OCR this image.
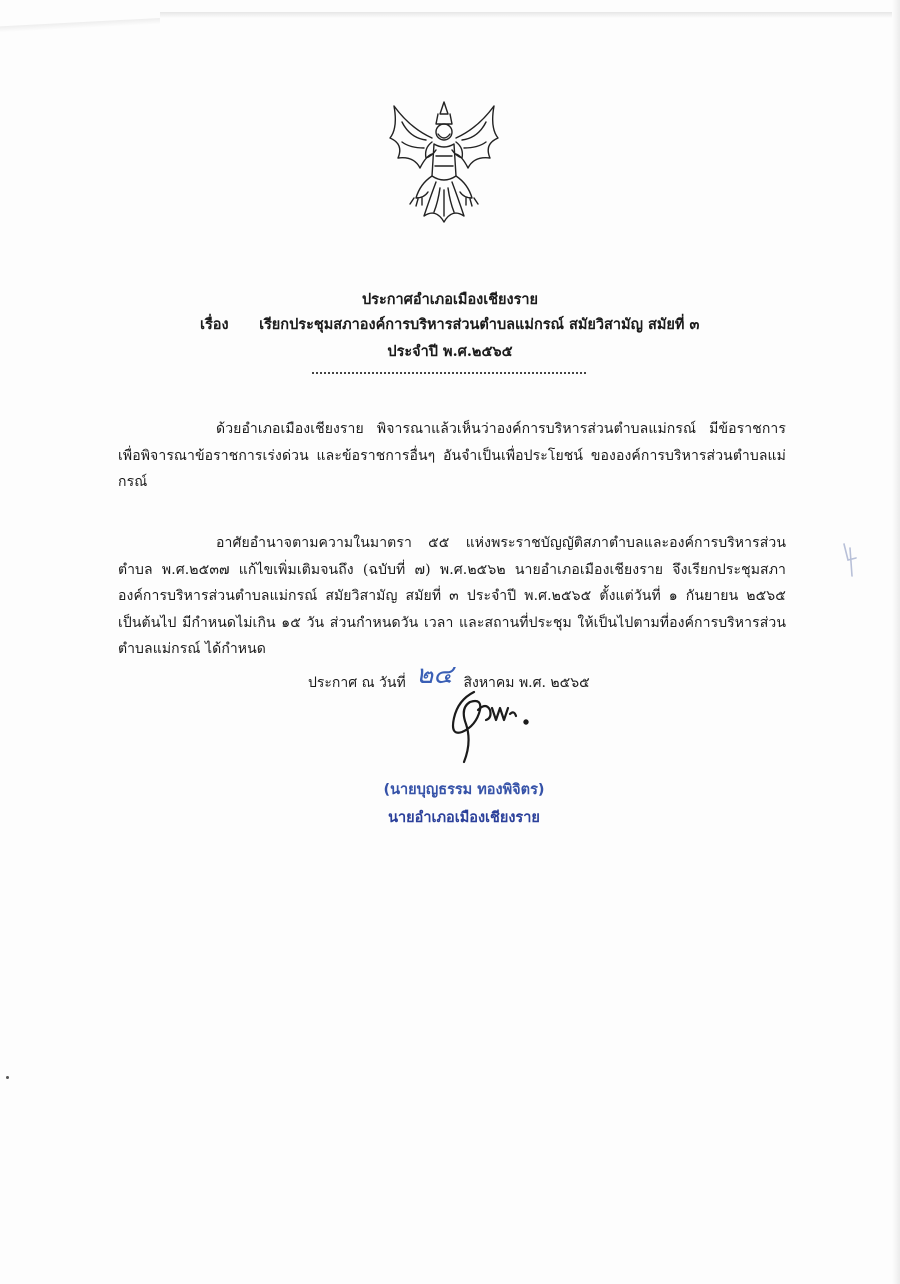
ประกาศอำเภอเมืองเชียงราย
เรื่อง เรียกประชุมสภาองค์การบริหารส่วนตำบลแม่กรณ์ สมัยวิสามัญ สมัยที่ ๓
ประจำปี พ.ศ.๒๕๖๕

ด้วยอำเภอเมืองเชียงราย พิจารณาแล้วเห็นว่าองค์การบริหารส่วนตำบลแม่กรณ์ มีข้อราชการ เพื่อพิจารณาข้อราชการเร่งด่วน และข้อราชการอื่นๆ อันจำเป็นเพื่อประโยชน์ ขององค์การบริหารส่วนตำบลแม่กรณ์

อาศัยอำนาจตามความในมาตรา ๕๕ แห่งพระราชบัญญัติสภาตำบลและองค์การบริหารส่วนตำบล พ.ศ.๒๕๓๗ แก้ไขเพิ่มเติมจนถึง (ฉบับที่ ๗) พ.ศ.๒๕๖๒ นายอำเภอเมืองเชียงราย จึงเรียกประชุมสภาองค์การบริหารส่วนตำบลแม่กรณ์ สมัยวิสามัญ สมัยที่ ๓ ประจำปี พ.ศ.๒๕๖๕ ตั้งแต่วันที่ ๑ กันยายน ๒๕๖๕ เป็นต้นไป มีกำหนดไม่เกิน ๑๕ วัน ส่วนกำหนดวัน เวลา และสถานที่ประชุม ให้เป็นไปตามที่องค์การบริหารส่วนตำบลแม่กรณ์ ได้กำหนด

ประกาศ ณ วันที่ ๒๔ สิงหาคม พ.ศ. ๒๕๖๕
(นายบุญธรรม ทองพิจิตร)
นายอำเภอเมืองเชียงราย
